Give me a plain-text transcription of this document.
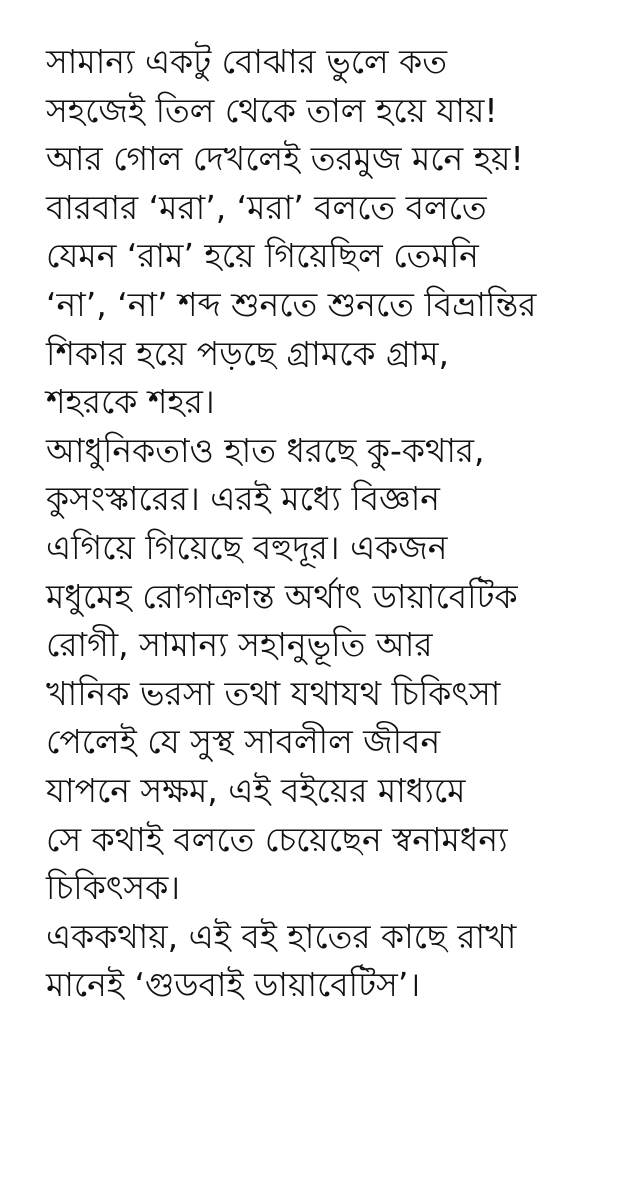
সামান্য একটু বোঝার ভুলে কত
সহজেই তিল থেকে তাল হয়ে যায়!
আর গোল দেখলেই তরমুজ মনে হয়!
বারবার ‘মরা’, ‘মরা’ বলতে বলতে
যেমন ‘রাম’ হয়ে গিয়েছিল তেমনি
‘না’, ‘না’ শব্দ শুনতে শুনতে বিভ্রান্তির
শিকার হয়ে পড়ছে গ্রামকে গ্রাম,
শহরকে শহর।
আধুনিকতাও হাত ধরছে কু-কথার,
কুসংস্কারের। এরই মধ্যে বিজ্ঞান
এগিয়ে গিয়েছে বহুদূর। একজন
মধুমেহ রোগাক্রান্ত অর্থাৎ ডায়াবেটিক
রোগী, সামান্য সহানুভূতি আর
খানিক ভরসা তথা যথাযথ চিকিৎসা
পেলেই যে সুস্থ সাবলীল জীবন
যাপনে সক্ষম, এই বইয়ের মাধ্যমে
সে কথাই বলতে চেয়েছেন স্বনামধন্য
চিকিৎসক।
এককথায়, এই বই হাতের কাছে রাখা
মানেই ‘গুডবাই ডায়াবেটিস’।
